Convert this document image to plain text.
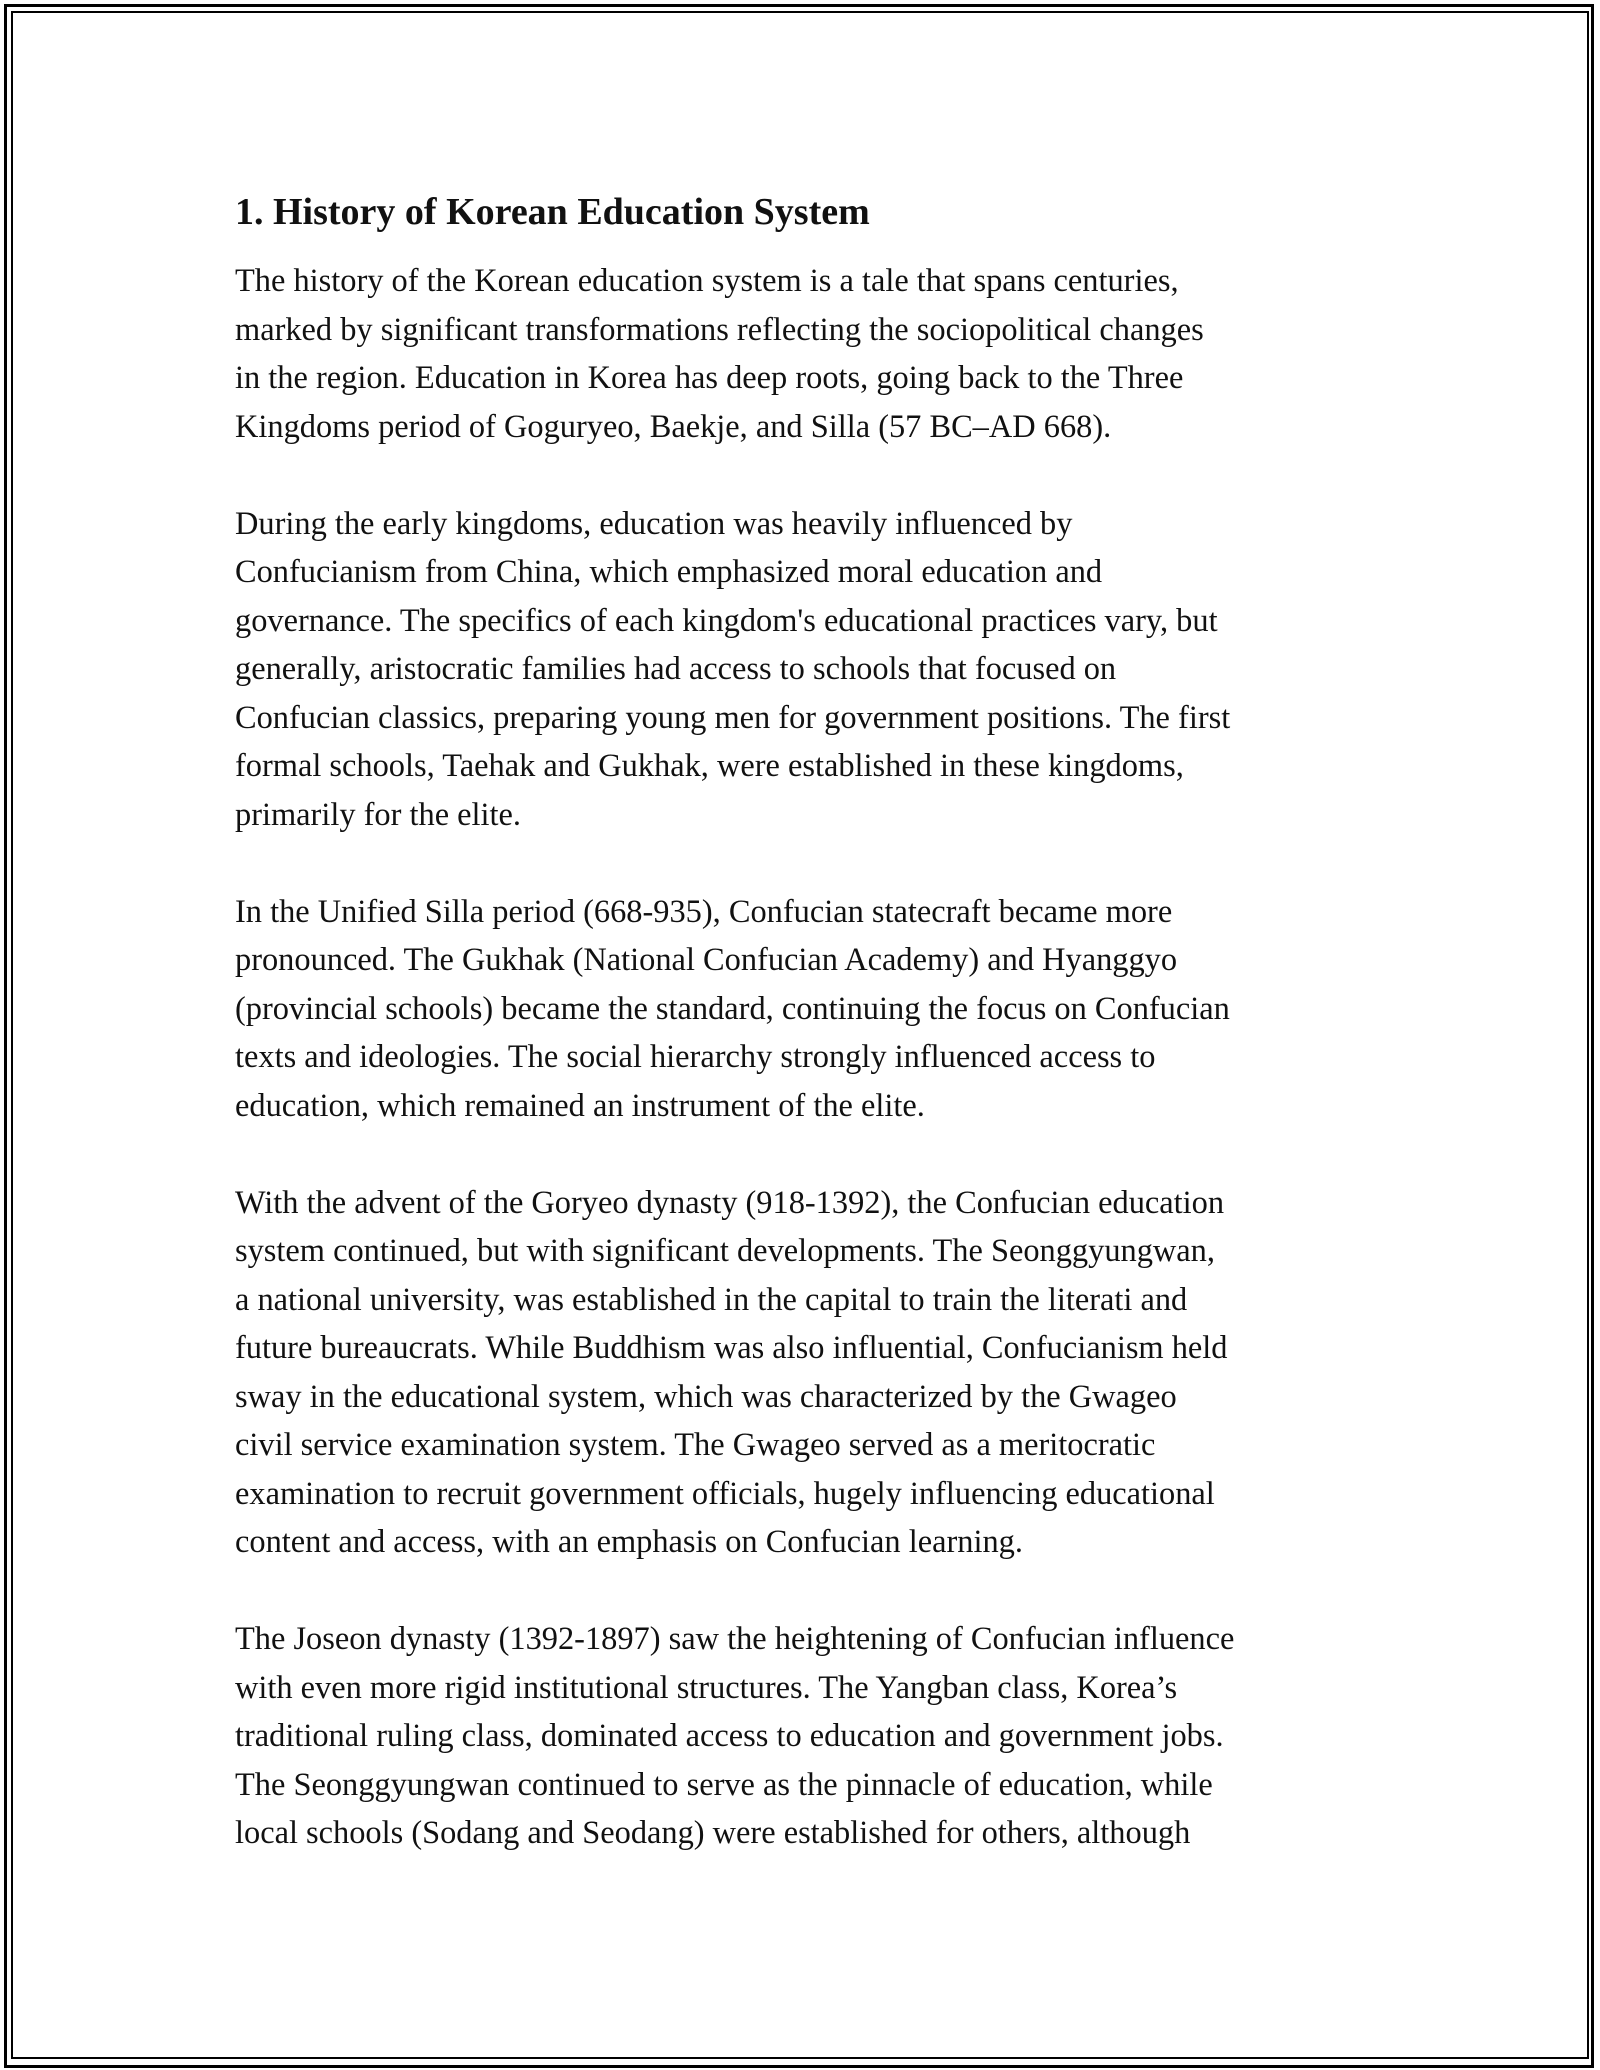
1. History of Korean Education System
The history of the Korean education system is a tale that spans centuries,
marked by significant transformations reflecting the sociopolitical changes
in the region. Education in Korea has deep roots, going back to the Three
Kingdoms period of Goguryeo, Baekje, and Silla (57 BC–AD 668).
During the early kingdoms, education was heavily influenced by
Confucianism from China, which emphasized moral education and
governance. The specifics of each kingdom's educational practices vary, but
generally, aristocratic families had access to schools that focused on
Confucian classics, preparing young men for government positions. The first
formal schools, Taehak and Gukhak, were established in these kingdoms,
primarily for the elite.
In the Unified Silla period (668-935), Confucian statecraft became more
pronounced. The Gukhak (National Confucian Academy) and Hyanggyo
(provincial schools) became the standard, continuing the focus on Confucian
texts and ideologies. The social hierarchy strongly influenced access to
education, which remained an instrument of the elite.
With the advent of the Goryeo dynasty (918-1392), the Confucian education
system continued, but with significant developments. The Seonggyungwan,
a national university, was established in the capital to train the literati and
future bureaucrats. While Buddhism was also influential, Confucianism held
sway in the educational system, which was characterized by the Gwageo
civil service examination system. The Gwageo served as a meritocratic
examination to recruit government officials, hugely influencing educational
content and access, with an emphasis on Confucian learning.
The Joseon dynasty (1392-1897) saw the heightening of Confucian influence
with even more rigid institutional structures. The Yangban class, Korea’s
traditional ruling class, dominated access to education and government jobs.
The Seonggyungwan continued to serve as the pinnacle of education, while
local schools (Sodang and Seodang) were established for others, although
